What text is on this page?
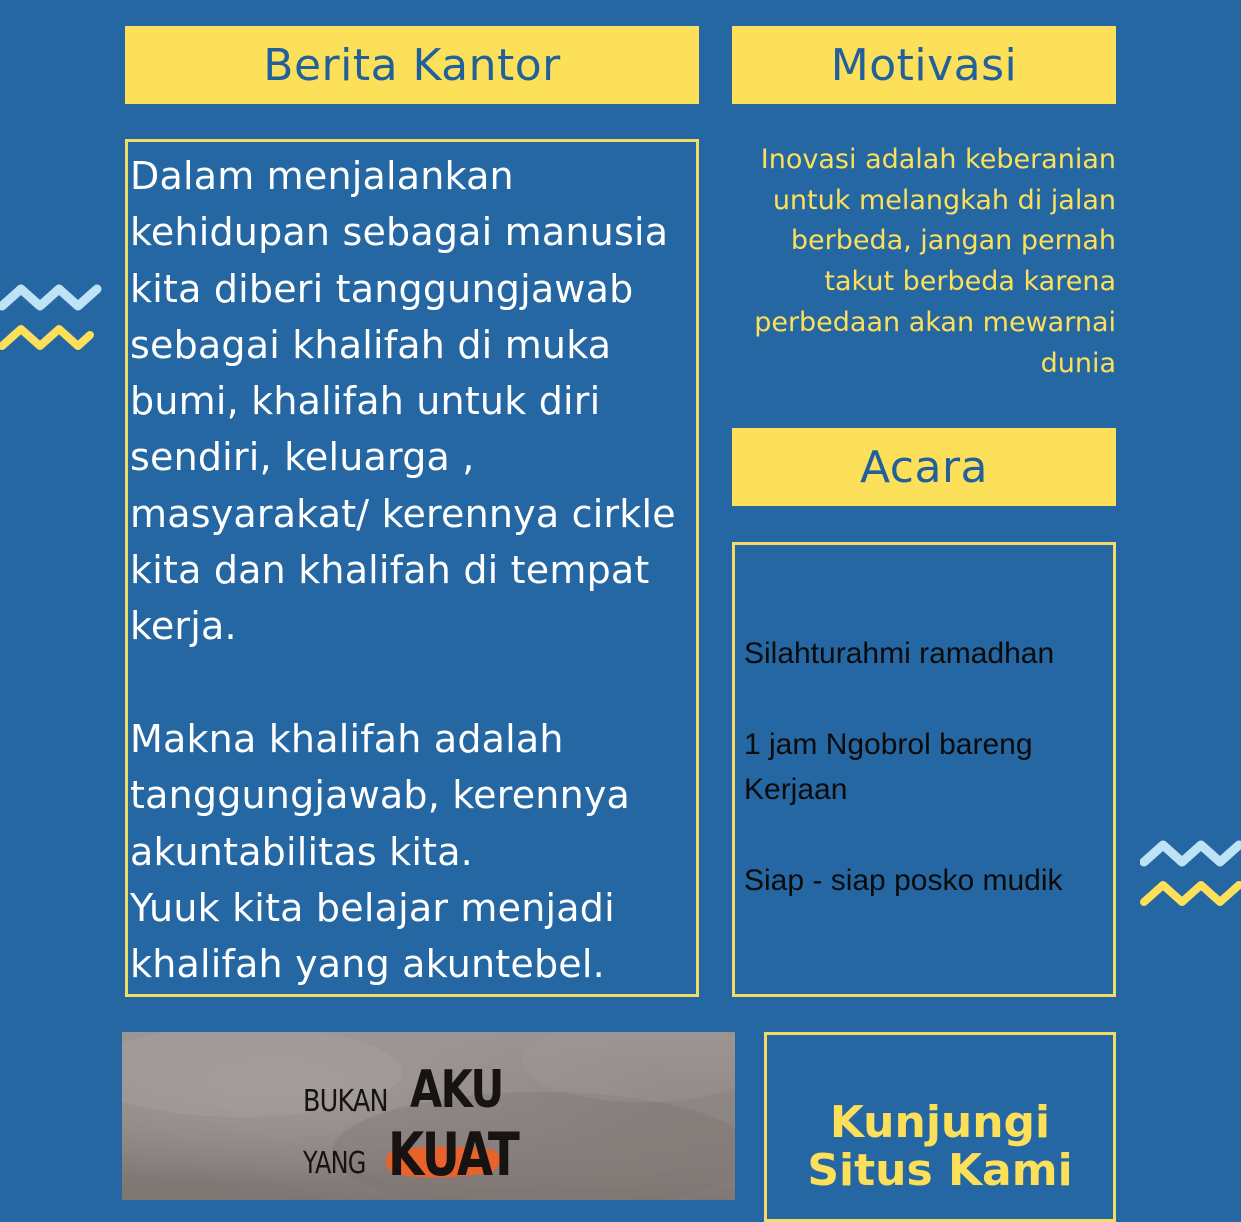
Berita Kantor	Motivasi
Acara
Dalam menjalankan
kehidupan sebagai manusia
kita diberi tanggungjawab
sebagai khalifah di muka
bumi, khalifah untuk diri
sendiri, keluarga ,
masyarakat/ kerennya cirkle
kita dan khalifah di tempat
kerja.

Makna khalifah adalah
tanggungjawab, kerennya
akuntabilitas kita.
Yuuk kita belajar menjadi
khalifah yang akuntebel.
Inovasi adalah keberanian untuk melangkah di jalan berbeda, jangan pernah takut berbeda karena perbedaan akan mewarnai dunia
Silahturahmi ramadhan
1 jam Ngobrol bareng Kerjaan
Siap - siap posko mudik
BUKAN AKU
YANG KUAT	Kunjungi Situs Kami
